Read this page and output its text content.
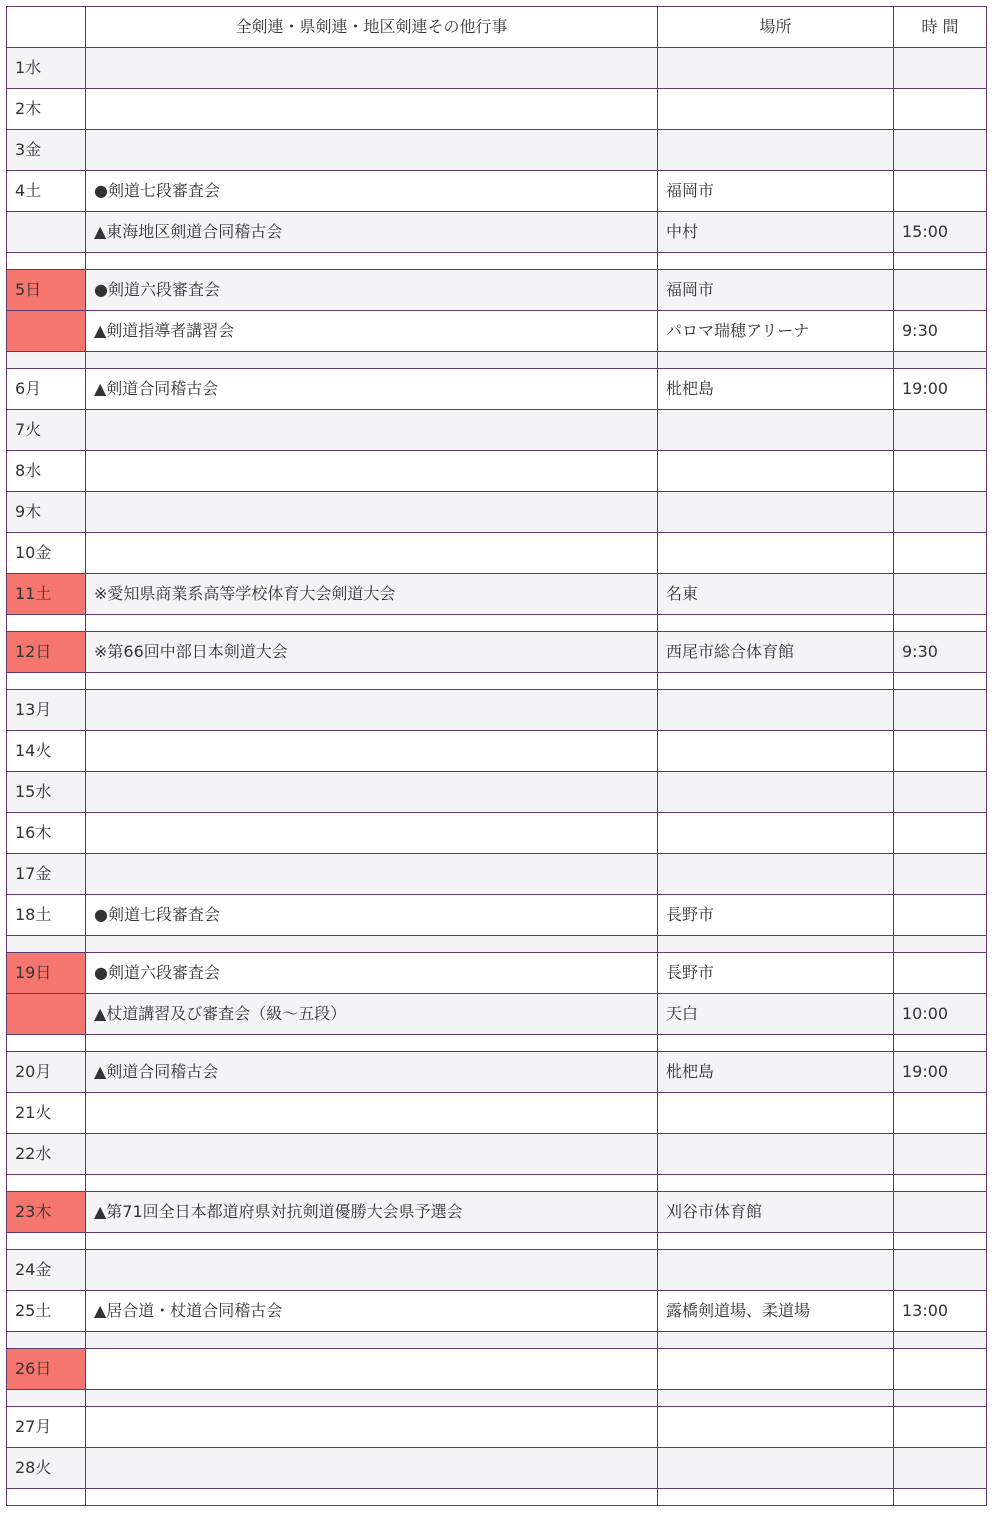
	全剣連・県剣連・地区剣連その他行事	場所	時 間
1水			
2木			
3金			
4土	●剣道七段審査会	福岡市	
	▲東海地区剣道合同稽古会	中村	15:00

5日	●剣道六段審査会	福岡市	
	▲剣道指導者講習会	パロマ瑞穂アリーナ	9:30

6月	▲剣道合同稽古会	枇杷島	19:00
7火			
8水			
9木			
10金			
11土	※愛知県商業系高等学校体育大会剣道大会	名東	

12日	※第66回中部日本剣道大会	西尾市総合体育館	9:30

13月			
14火			
15水			
16木			
17金			
18土	●剣道七段審査会	長野市	

19日	●剣道六段審査会	長野市	
	▲杖道講習及び審査会（級〜五段）	天白	10:00

20月	▲剣道合同稽古会	枇杷島	19:00
21火			
22水			

23木	▲第71回全日本都道府県対抗剣道優勝大会県予選会	刈谷市体育館	

24金			
25土	▲居合道・杖道合同稽古会	露橋剣道場、柔道場	13:00

26日			

27月			
28火			
